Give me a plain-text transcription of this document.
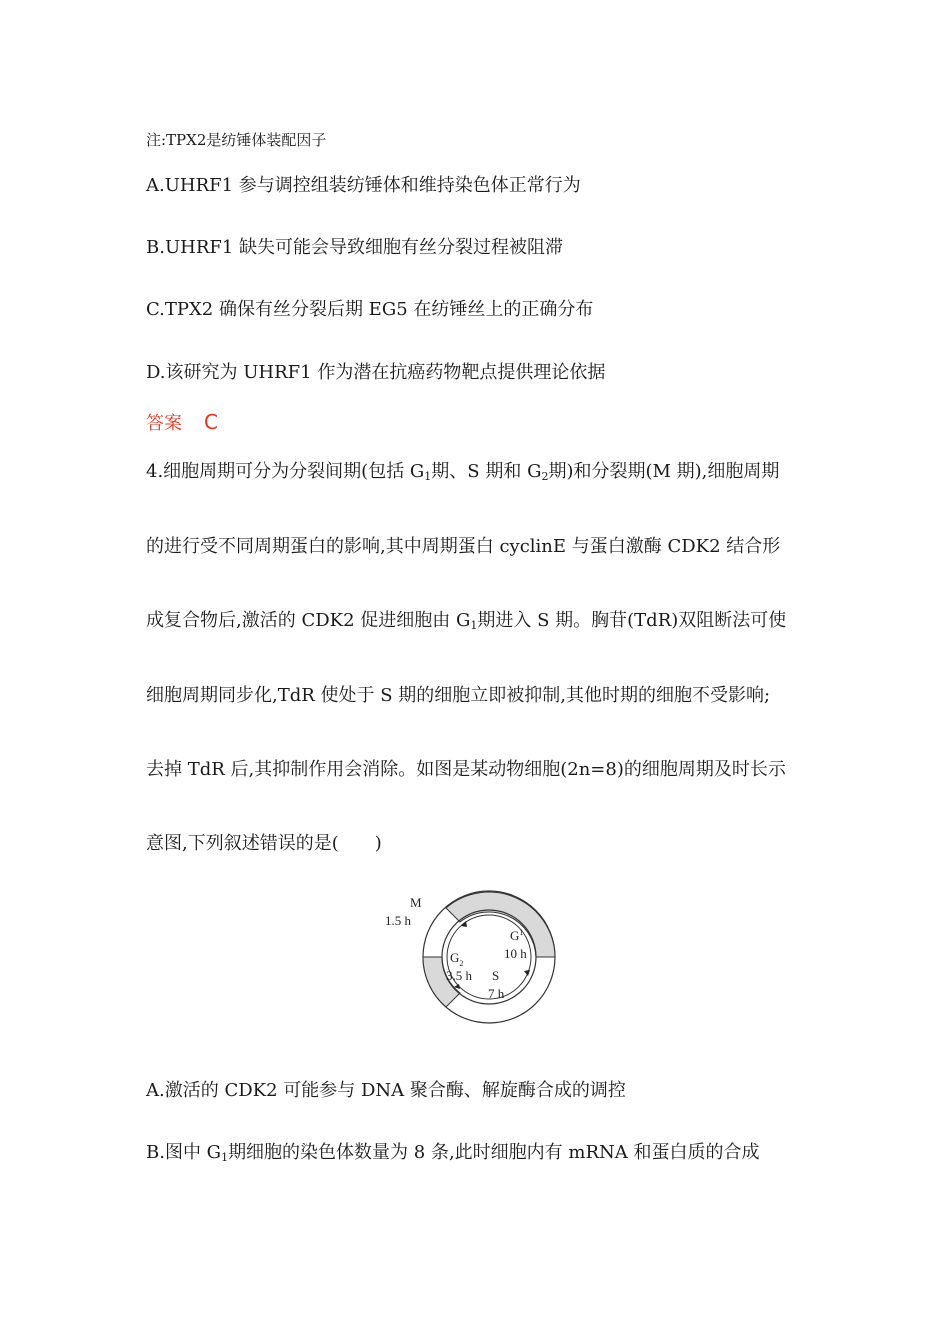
注:TPX2是纺锤体装配因子
A.UHRF1 参与调控组装纺锤体和维持染色体正常行为
B.UHRF1 缺失可能会导致细胞有丝分裂过程被阻滞
C.TPX2 确保有丝分裂后期 EG5 在纺锤丝上的正确分布
D.该研究为 UHRF1 作为潜在抗癌药物靶点提供理论依据
答案 C
4.细胞周期可分为分裂间期(包括 $G_1$期、S 期和 $G_2$期)和分裂期(M 期),细胞周期
的进行受不同周期蛋白的影响,其中周期蛋白 cyclinE 与蛋白激酶 CDK2 结合形
成复合物后,激活的 CDK2 促进细胞由 $G_1$期进入 S 期。胸苷(TdR)双阻断法可使
细胞周期同步化,TdR 使处于 S 期的细胞立即被抑制,其他时期的细胞不受影响;
去掉 TdR 后,其抑制作用会消除。如图是某动物细胞(2n=8)的细胞周期及时长示
意图,下列叙述错误的是(　　)
M
1.5 h
$G^1$
10 h
$G_2$
3.5 h S
7 h
A.激活的 CDK2 可能参与 DNA 聚合酶、解旋酶合成的调控
B.图中 $G_1$期细胞的染色体数量为 8 条,此时细胞内有 mRNA 和蛋白质的合成
